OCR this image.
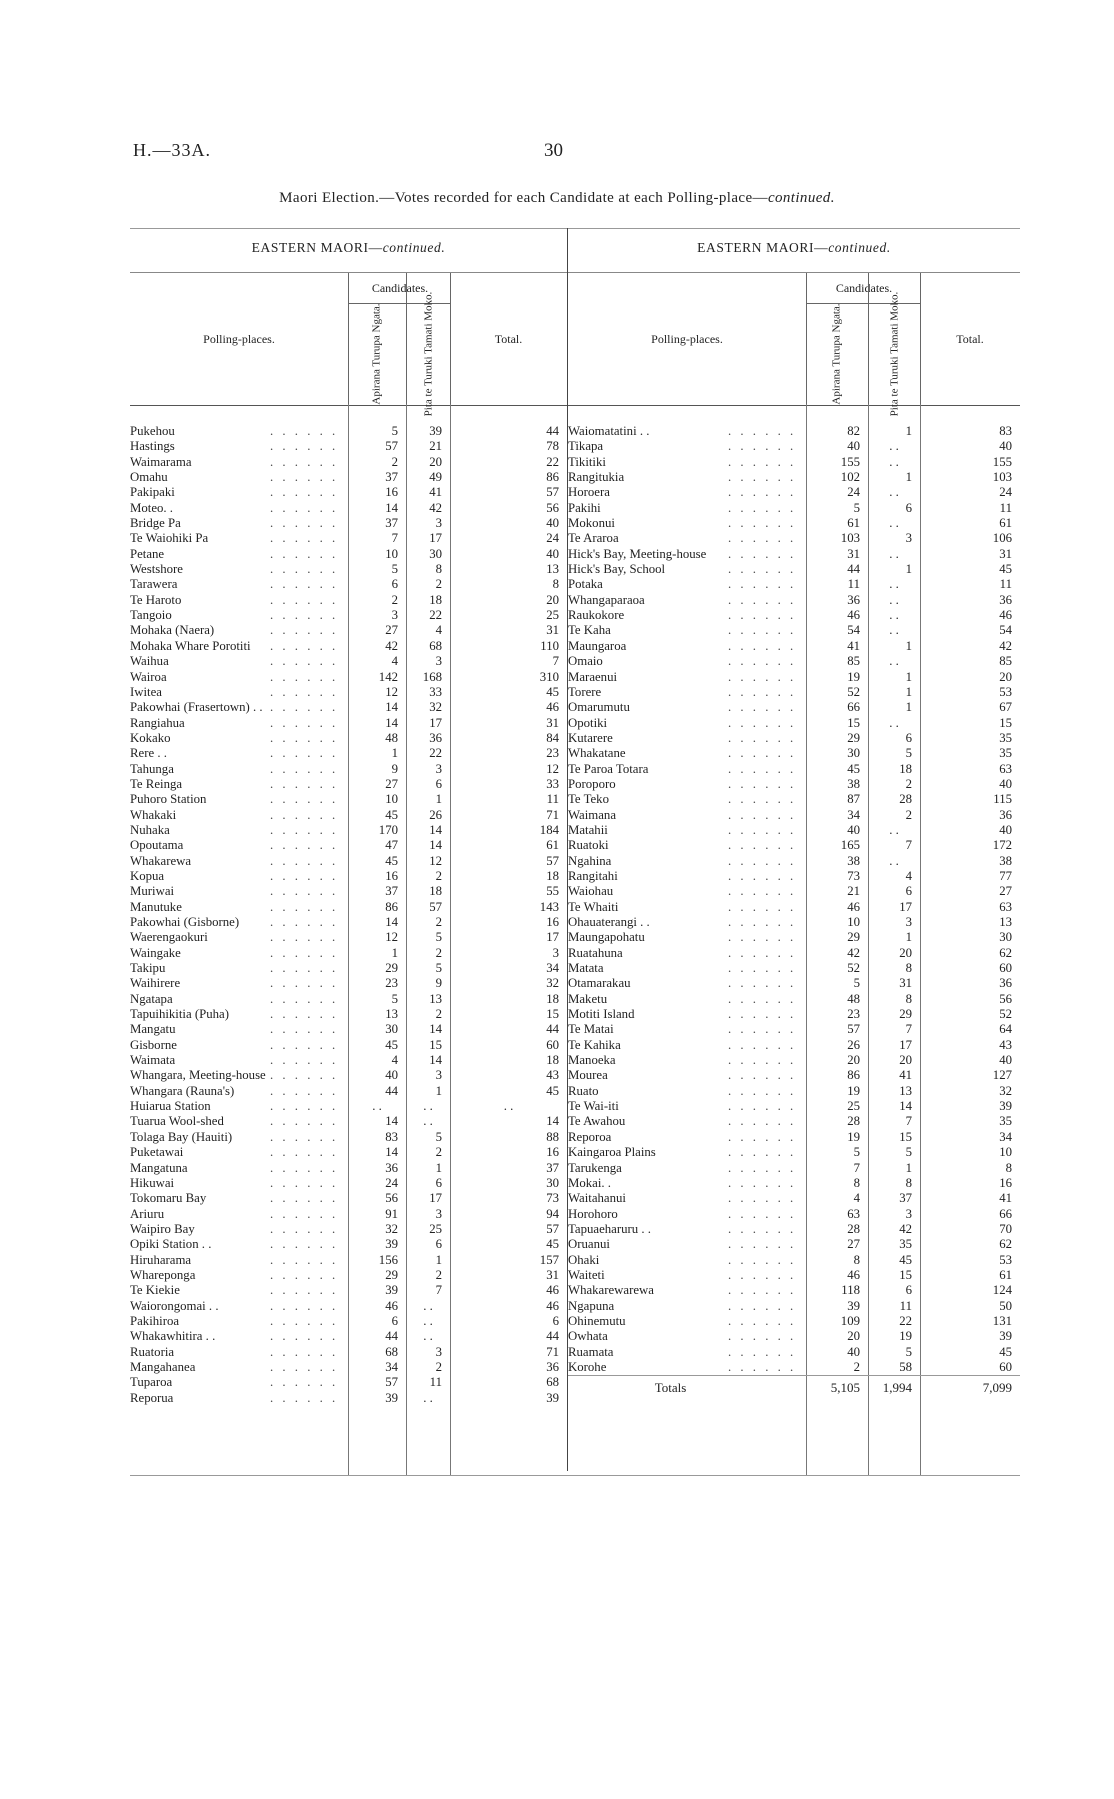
H.—33A.	30
Maori Election.—Votes recorded for each Candidate at each Polling-place—continued.
EASTERN MAORI—continued.
Polling-places.
Candidates.
Apirana Turupa Ngata.	Pita te Turuki Tamati Moko.	Total.
Pukehou	. . . . . .	5	39	44
Hastings	. . . . . .	57	21	78
Waimarama	. . . . . .	2	20	22
Omahu	. . . . . .	37	49	86
Pakipaki	. . . . . .	16	41	57
Moteo. .	. . . . . .	14	42	56
Bridge Pa	. . . . . .	37	3	40
Te Waiohiki Pa	. . . . . .	7	17	24
Petane	. . . . . .	10	30	40
Westshore	. . . . . .	5	8	13
Tarawera	. . . . . .	6	2	8
Te Haroto	. . . . . .	2	18	20
Tangoio	. . . . . .	3	22	25
Mohaka (Naera)	. . . . . .	27	4	31
Mohaka Whare Porotiti	. . . . . .	42	68	110
Waihua	. . . . . .	4	3	7
Wairoa	. . . . . .	142	168	310
Iwitea	. . . . . .	12	33	45
Pakowhai (Frasertown) . . . . . . . .	14	32	46
Rangiahua	. . . . . .	14	17	31
Kokako	. . . . . .	48	36	84
Rere . .	. . . . . .	1	22	23
Tahunga	. . . . . .	9	3	12
Te Reinga	. . . . . .	27	6	33
Puhoro Station	. . . . . .	10	1	11
Whakaki	. . . . . .	45	26	71
Nuhaka	. . . . . .	170	14	184
Opoutama	. . . . . .	47	14	61
Whakarewa	. . . . . .	45	12	57
Kopua	. . . . . .	16	2	18
Muriwai	. . . . . .	37	18	55
Manutuke	. . . . . .	86	57	143
Pakowhai (Gisborne)	. . . . . .	14	2	16
Waerengaokuri	. . . . . .	12	5	17
Waingake	. . . . . .	1	2	3
Takipu	. . . . . .	29	5	34
Waihirere	. . . . . .	23	9	32
Ngatapa	. . . . . .	5	13	18
Tapuihikitia (Puha)	. . . . . .	13	2	15
Mangatu	. . . . . .	30	14	44
Gisborne	. . . . . .	45	15	60
Waimata	. . . . . .	4	14	18
Whangara, Meeting-house . . . . . .	40	3	43
Whangara (Rauna's)	. . . . . .	44	1	45
Huiarua Station	. . . . . .	. .	. .	. .
Tuarua Wool-shed	. . . . . .	14	. .	14
Tolaga Bay (Hauiti)	. . . . . .	83	5	88
Puketawai	. . . . . .	14	2	16
Mangatuna	. . . . . .	36	1	37
Hikuwai	. . . . . .	24	6	30
Tokomaru Bay	. . . . . .	56	17	73
Ariuru	. . . . . .	91	3	94
Waipiro Bay	. . . . . .	32	25	57
Opiki Station . .	. . . . . .	39	6	45
Hiruharama	. . . . . .	156	1	157
Whareponga	. . . . . .	29	2	31
Te Kiekie	. . . . . .	39	7	46
Waiorongomai . .	. . . . . .	46	. .	46
Pakihiroa	. . . . . .	6	. .	6
Whakawhitira . .	. . . . . .	44	. .	44
Ruatoria	. . . . . .	68	3	71
Mangahanea	. . . . . .	34	2	36
Tuparoa	. . . . . .	57	11	68
Reporua	. . . . . .	39	. .	39
EASTERN MAORI—continued.
Polling-places.
Candidates.
Apirana Turupa Ngata.	Pita te Turuki Tamati Moko.	Total.
Waiomatatini . .	. . . . . .	82	1	83
Tikapa	. . . . . .	40	. .	40
Tikitiki	. . . . . .	155	. .	155
Rangitukia	. . . . . .	102	1	103
Horoera	. . . . . .	24	. .	24
Pakihi	. . . . . .	5	6	11
Mokonui	. . . . . .	61	. .	61
Te Araroa	. . . . . .	103	3	106
Hick's Bay, Meeting-house	. . . . . .	31	. .	31
Hick's Bay, School	. . . . . .	44	1	45
Potaka	. . . . . .	11	. .	11
Whangaparaoa	. . . . . .	36	. .	36
Raukokore	. . . . . .	46	. .	46
Te Kaha	. . . . . .	54	. .	54
Maungaroa	. . . . . .	41	1	42
Omaio	. . . . . .	85	. .	85
Maraenui	. . . . . .	19	1	20
Torere	. . . . . .	52	1	53
Omarumutu	. . . . . .	66	1	67
Opotiki	. . . . . .	15	. .	15
Kutarere	. . . . . .	29	6	35
Whakatane	. . . . . .	30	5	35
Te Paroa Totara	. . . . . .	45	18	63
Poroporo	. . . . . .	38	2	40
Te Teko	. . . . . .	87	28	115
Waimana	. . . . . .	34	2	36
Matahii	. . . . . .	40	. .	40
Ruatoki	. . . . . .	165	7	172
Ngahina	. . . . . .	38	. .	38
Rangitahi	. . . . . .	73	4	77
Waiohau	. . . . . .	21	6	27
Te Whaiti	. . . . . .	46	17	63
Ohauaterangi . .	. . . . . .	10	3	13
Maungapohatu	. . . . . .	29	1	30
Ruatahuna	. . . . . .	42	20	62
Matata	. . . . . .	52	8	60
Otamarakau	. . . . . .	5	31	36
Maketu	. . . . . .	48	8	56
Motiti Island	. . . . . .	23	29	52
Te Matai	. . . . . .	57	7	64
Te Kahika	. . . . . .	26	17	43
Manoeka	. . . . . .	20	20	40
Mourea	. . . . . .	86	41	127
Ruato	. . . . . .	19	13	32
Te Wai-iti	. . . . . .	25	14	39
Te Awahou	. . . . . .	28	7	35
Reporoa	. . . . . .	19	15	34
Kaingaroa Plains	. . . . . .	5	5	10
Tarukenga	. . . . . .	7	1	8
Mokai. .	. . . . . .	8	8	16
Waitahanui	. . . . . .	4	37	41
Horohoro	. . . . . .	63	3	66
Tapuaeharuru . .	. . . . . .	28	42	70
Oruanui	. . . . . .	27	35	62
Ohaki	. . . . . .	8	45	53
Waiteti	. . . . . .	46	15	61
Whakarewarewa	. . . . . .	118	6	124
Ngapuna	. . . . . .	39	11	50
Ohinemutu	. . . . . .	109	22	131
Owhata	. . . . . .	20	19	39
Ruamata	. . . . . .	40	5	45
Korohe	. . . . . .	2	58	60
Totals	5,105	1,994	7,099
